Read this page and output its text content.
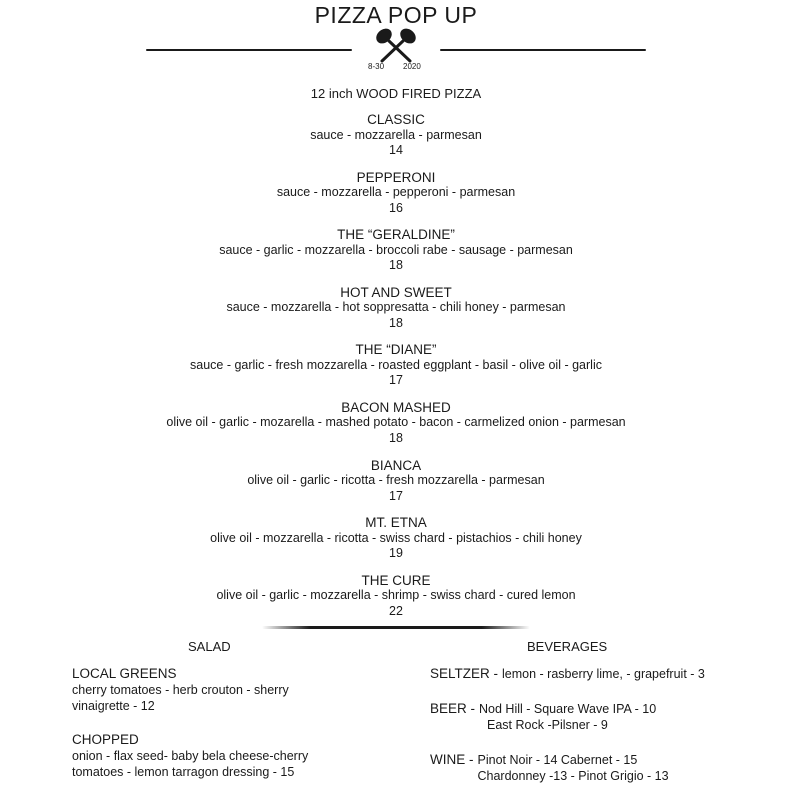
PIZZA POP UP
8-30 2020
12 inch WOOD FIRED PIZZA
CLASSIC
sauce - mozzarella - parmesan
14
PEPPERONI
sauce - mozzarella - pepperoni - parmesan
16
THE “GERALDINE”
sauce - garlic - mozzarella - broccoli rabe - sausage - parmesan
18
HOT AND SWEET
sauce - mozzarella - hot soppresatta - chili honey - parmesan
18
THE “DIANE”
sauce - garlic - fresh mozzarella - roasted eggplant - basil - olive oil - garlic
17
BACON MASHED
olive oil - garlic - mozarella - mashed potato - bacon - carmelized onion - parmesan
18
BIANCA
olive oil - garlic - ricotta - fresh mozzarella - parmesan
17
MT. ETNA
olive oil - mozzarella - ricotta - swiss chard - pistachios - chili honey
19
THE CURE
olive oil - garlic - mozzarella - shrimp - swiss chard - cured lemon
22
SALAD	BEVERAGES
LOCAL GREENS
cherry tomatoes - herb crouton - sherry
vinaigrette - 12
CHOPPED
onion - flax seed- baby bela cheese-cherry
tomatoes - lemon tarragon dressing - 15
SELTZER - lemon - rasberry lime, - grapefruit - 3
BEER - Nod Hill - Square Wave IPA - 10
East Rock -Pilsner - 9
WINE - Pinot Noir - 14 Cabernet - 15
Chardonney -13 - Pinot Grigio - 13
